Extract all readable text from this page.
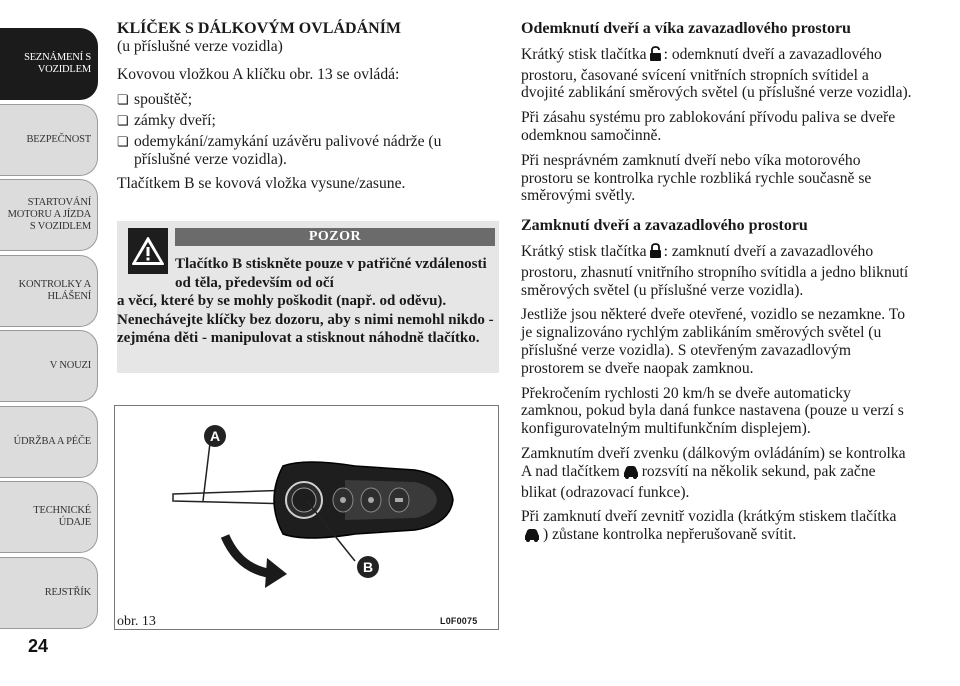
SEZNÁMENÍ S
VOZIDLEM
BEZPEČNOST
STARTOVÁNÍ
MOTORU A JÍZDA
S VOZIDLEM
KONTROLKY A
HLÁŠENÍ
V NOUZI
ÚDRŽBA A PÉČE
TECHNICKÉ
ÚDAJE
REJSTŘÍK
24

KLÍČEK S DÁLKOVÝM OVLÁDÁNÍM

(u příslušné verze vozidla)

Kovovou vložkou A klíčku obr. 13 se ovládá:

❏ spouštěč;
❏ zámky dveří;
❏ odemykání/zamykání uzávěru palivové nádrže (u příslušné verze vozidla).

Tlačítkem B se kovová vložka vysune/zasune.

POZOR
Tlačítko B stiskněte pouze v patřičné vzdálenosti od těla, především od očí
a věcí, které by se mohly poškodit (např. od oděvu). Nenechávejte klíčky bez dozoru, aby s nimi nemohl nikdo - zejména děti - manipulovat a stisknout náhodně tlačítko.
A
B
obr. 13	L0F0075

Odemknutí dveří a víka zavazadlového prostoru

Krátký stisk tlačítka : odemknutí dveří a zavazadlového prostoru, časované svícení vnitřních stropních svítidel a dvojité zablikání směrových světel (u příslušné verze vozidla).

Při zásahu systému pro zablokování přívodu paliva se dveře odemknou samočinně.

Při nesprávném zamknutí dveří nebo víka motorového prostoru se kontrolka rychle rozbliká rychle současně se směrovými světly.

Zamknutí dveří a zavazadlového prostoru

Krátký stisk tlačítka : zamknutí dveří a zavazadlového prostoru, zhasnutí vnitřního stropního svítidla a jedno bliknutí směrových světel (u příslušné verze vozidla).

Jestliže jsou některé dveře otevřené, vozidlo se nezamkne. To je signalizováno rychlým zablikáním směrových světel (u příslušné verze vozidla). S otevřeným zavazadlovým prostorem se dveře naopak zamknou.

Překročením rychlosti 20 km/h se dveře automaticky zamknou, pokud byla daná funkce nastavena (pouze u verzí s konfigurovatelným multifunkčním displejem).

Zamknutím dveří zvenku (dálkovým ovládáním) se kontrolka A nad tlačítkem rozsvítí na několik sekund, pak začne blikat (odrazovací funkce).

Při zamknutí dveří zevnitř vozidla (krátkým stiskem tlačítka) zůstane kontrolka nepřerušovaně svítit.
